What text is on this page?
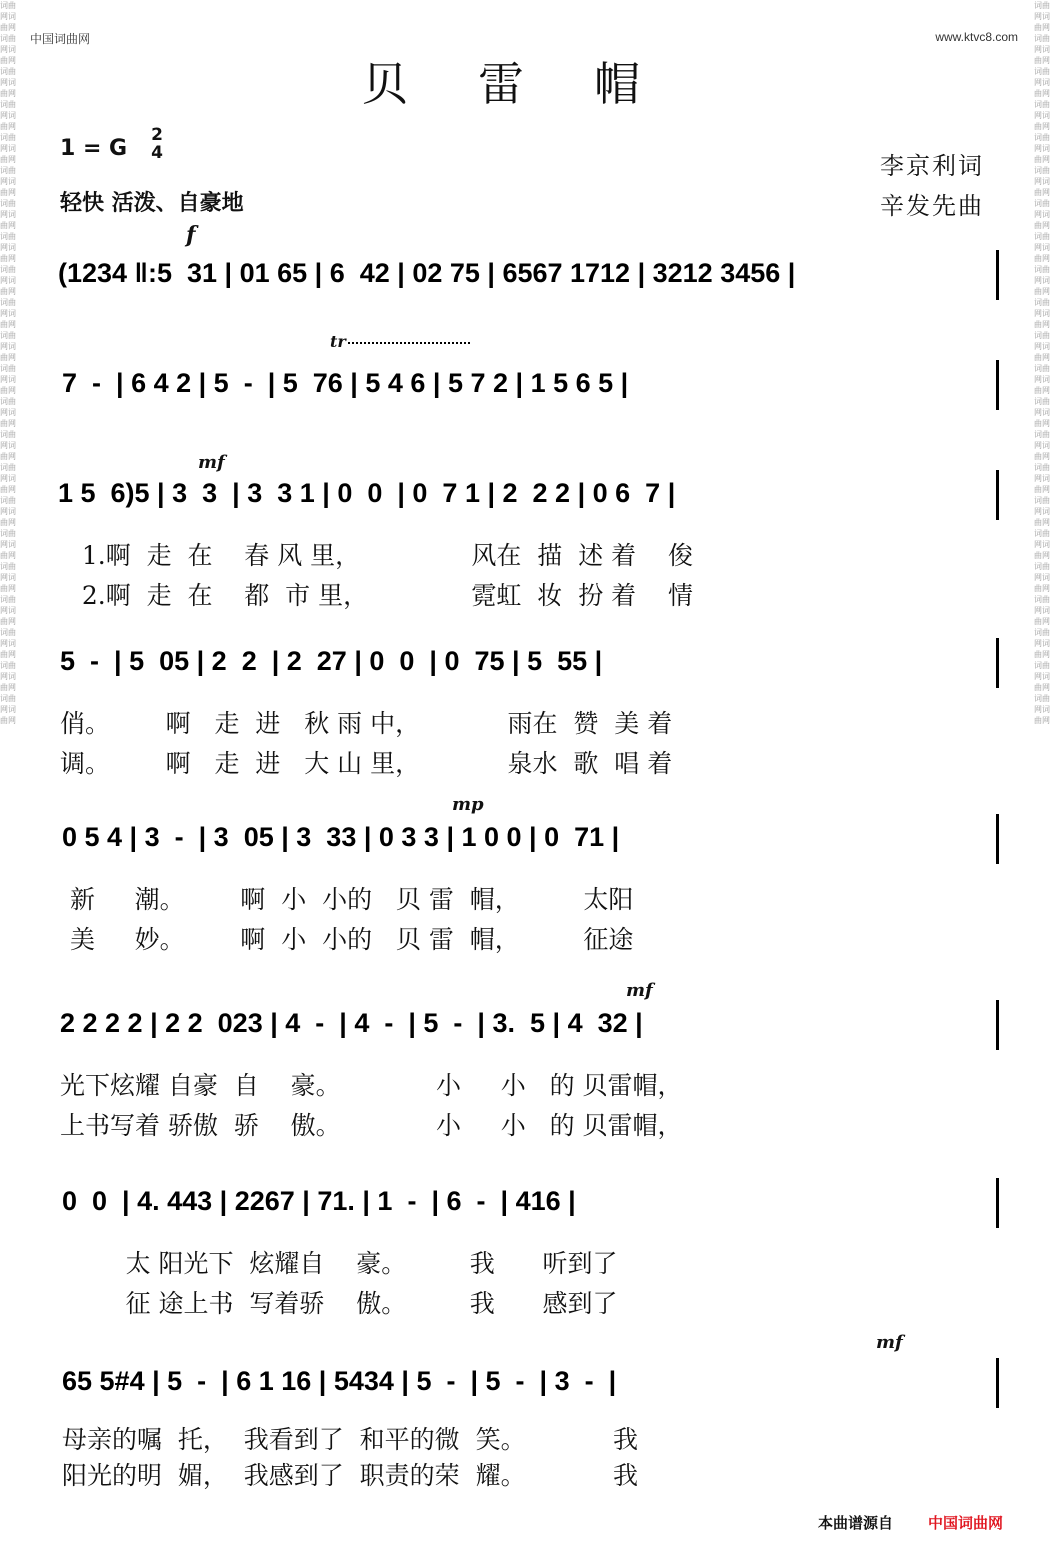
词曲网词曲网词曲网词曲网词曲网词曲网词曲网词曲网词曲网词曲网词曲网词曲网词曲网词曲网词曲网词曲网词曲网词曲网词曲网词曲网词曲网词曲网词曲网词曲网词曲网词曲网词曲网词曲网词曲网词曲网词曲网词曲网词曲网词曲网词曲网词曲网词曲网词曲网词曲网词曲网词曲网词曲网词曲网词曲网
词曲网词曲网词曲网词曲网词曲网词曲网词曲网词曲网词曲网词曲网词曲网词曲网词曲网词曲网词曲网词曲网词曲网词曲网词曲网词曲网词曲网词曲网词曲网词曲网词曲网词曲网词曲网词曲网词曲网词曲网词曲网词曲网词曲网词曲网词曲网词曲网词曲网词曲网词曲网词曲网词曲网词曲网词曲网词曲网
中国词曲网	www.ktvc8.com
贝雷帽
1 = G
2
4
轻快 活泼、自豪地
李京利词
辛发先曲
f
tr
mf
mp
mf
mf
(1234 ‖:5  31 | 01 65 | 6  42 | 02 75 | 6567 1712 | 3212 3456 |
7  -  | 6 4 2 | 5  -  | 5  76 | 5 4 6 | 5 7 2 | 1 5 6 5 |
1 5  6)5 | 3  3  | 3  3 1 | 0  0  | 0  7 1 | 2  2 2 | 0 6  7 |
1.啊  走  在    春 风 里，              风在  描  述 着    俊
2.啊  走  在    都  市 里，             霓虹  妆  扮 着    情
5  -  | 5  05 | 2  2  | 2  27 | 0  0  | 0  75 | 5  55 |
俏。       啊   走  进   秋 雨 中，           雨在  赞  美 着
调。       啊   走  进   大 山 里，           泉水  歌  唱 着
0 5 4 | 3  -  | 3  05 | 3  33 | 0 3 3 | 1 0 0 | 0  71 |
新     潮。       啊  小  小的   贝 雷  帽，        太阳
美     妙。       啊  小  小的   贝 雷  帽，        征途
2 2 2 2 | 2 2  023 | 4  -  | 4  -  | 5  -  | 3.  5 | 4  32 |
光下炫耀 自豪  自    豪。            小     小   的 贝雷帽，
上书写着 骄傲  骄    傲。            小     小   的 贝雷帽，
0  0  | 4. 443 | 2267 | 71. | 1  -  | 6  -  | 416 |
太 阳光下  炫耀自    豪。        我      听到了
征 途上书  写着骄    傲。        我      感到了
65 5#4 | 5  -  | 6 1 16 | 5434 | 5  -  | 5  -  | 3  -  |
母亲的嘱  托，  我看到了  和平的微  笑。           我
阳光的明  媚，  我感到了  职责的荣  耀。           我
本曲谱源自 中国词曲网
